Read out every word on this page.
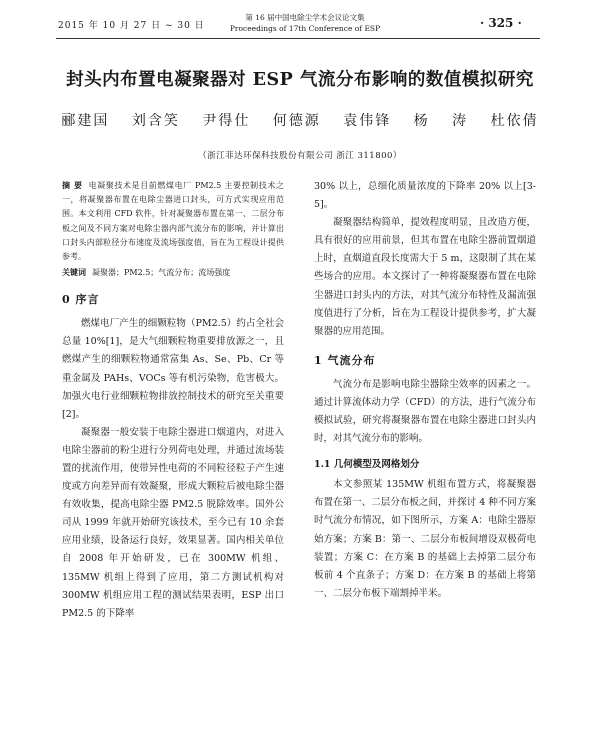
2015 年 10 月 27 日 ~ 30 日
第 16 届中国电除尘学术会议论文集
Proceedings of 17th Conference of ESP	· 325 ·
封头内布置电凝聚器对 ESP 气流分布影响的数值模拟研究
郦建国 刘含笑 尹得仕 何德源 袁伟锋 杨 涛 杜依倩
（浙江菲达环保科技股份有限公司 浙江 311800）
摘 要 电凝聚技术是目前燃煤电厂 PM2.5 主要控制技术之一，将凝聚器布置在电除尘器进口封头，可方式实现应用范围。本文利用 CFD 软件，针对凝聚器布置在第一、二层分布板之间及不同方案对电除尘器内部气流分布的影响，并计算出口封头内部粒径分布速度及流场强度值，旨在为工程设计提供参考。
关键词 凝聚器；PM2.5；气流分布；流场强度
0 序言

燃煤电厂产生的细颗粒物（PM2.5）约占全社会总量 10%[1]，是大气细颗粒物重要排放源之一，且燃煤产生的细颗粒物通常富集 As、Se、Pb、Cr 等重金属及 PAHs、VOCs 等有机污染物，危害极大。加强火电行业细颗粒物排放控制技术的研究至关重要[2]。

凝聚器一般安装于电除尘器进口烟道内，对进入电除尘器前的粉尘进行分列荷电处理，并通过流场装置的扰流作用，使带异性电荷的不同粒径粒子产生速度或方向差异而有效凝聚，形成大颗粒后被电除尘器有效收集，提高电除尘器 PM2.5 脱除效率。国外公司从 1999 年就开始研究该技术，至今已有 10 余套应用业绩，设备运行良好，效果显著。国内相关单位自 2008 年开始研发，已在 300MW 机组、135MW 机组上得到了应用，第二方测试机构对 300MW 机组应用工程的测试结果表明，ESP 出口 PM2.5 的下降率

30% 以上，总细化质量浓度的下降率 20% 以上[3-5]。

凝聚器结构简单，提效程度明显，且改造方便，具有很好的应用前景，但其布置在电除尘器前置烟道上时，直烟道直段长度需大于 5 m，这限制了其在某些场合的应用。本文探讨了一种将凝聚器布置在电除尘器进口封头内的方法，对其气流分布特性及漏流强度值进行了分析，旨在为工程设计提供参考，扩大凝聚器的应用范围。

1 气流分布

气流分布是影响电除尘器除尘效率的因素之一。通过计算流体动力学（CFD）的方法，进行气流分布模拟试验，研究将凝聚器布置在电除尘器进口封头内时，对其气流分布的影响。

1.1 几何模型及网格划分

本文参照某 135MW 机组布置方式，将凝聚器布置在第一、二层分布板之间，并探讨 4 种不同方案时气流分布情况，如下图所示，方案 A：电除尘器原始方案；方案 B：第一、二层分布板间增设双极荷电装置；方案 C：在方案 B 的基础上去掉第二层分布板前 4 个直条子；方案 D：在方案 B 的基础上将第一、二层分布板下端割掉半米。
